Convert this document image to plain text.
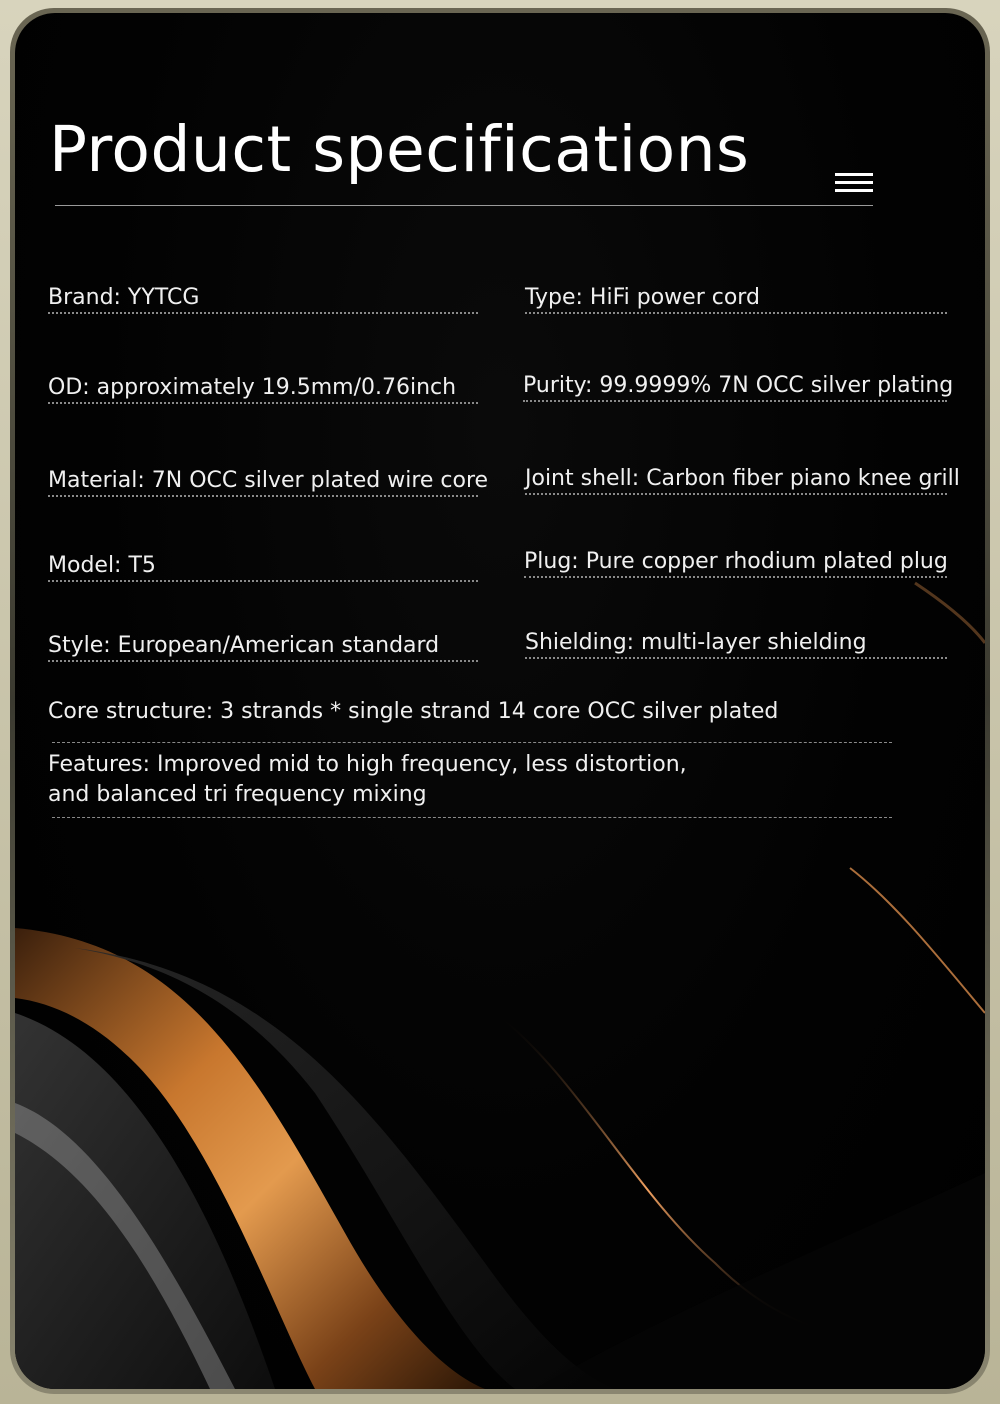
Product specifications
Brand: YYTCG
OD: approximately 19.5mm/0.76inch
Material: 7N OCC silver plated wire core
Model: T5
Style: European/American standard
Type: HiFi power cord
Purity: 99.9999% 7N OCC silver plating
Joint shell: Carbon fiber piano knee grill
Plug: Pure copper rhodium plated plug
Shielding: multi-layer shielding
Core structure: 3 strands * single strand 14 core OCC silver plated
Features: Improved mid to high frequency, less distortion,
and balanced tri frequency mixing
